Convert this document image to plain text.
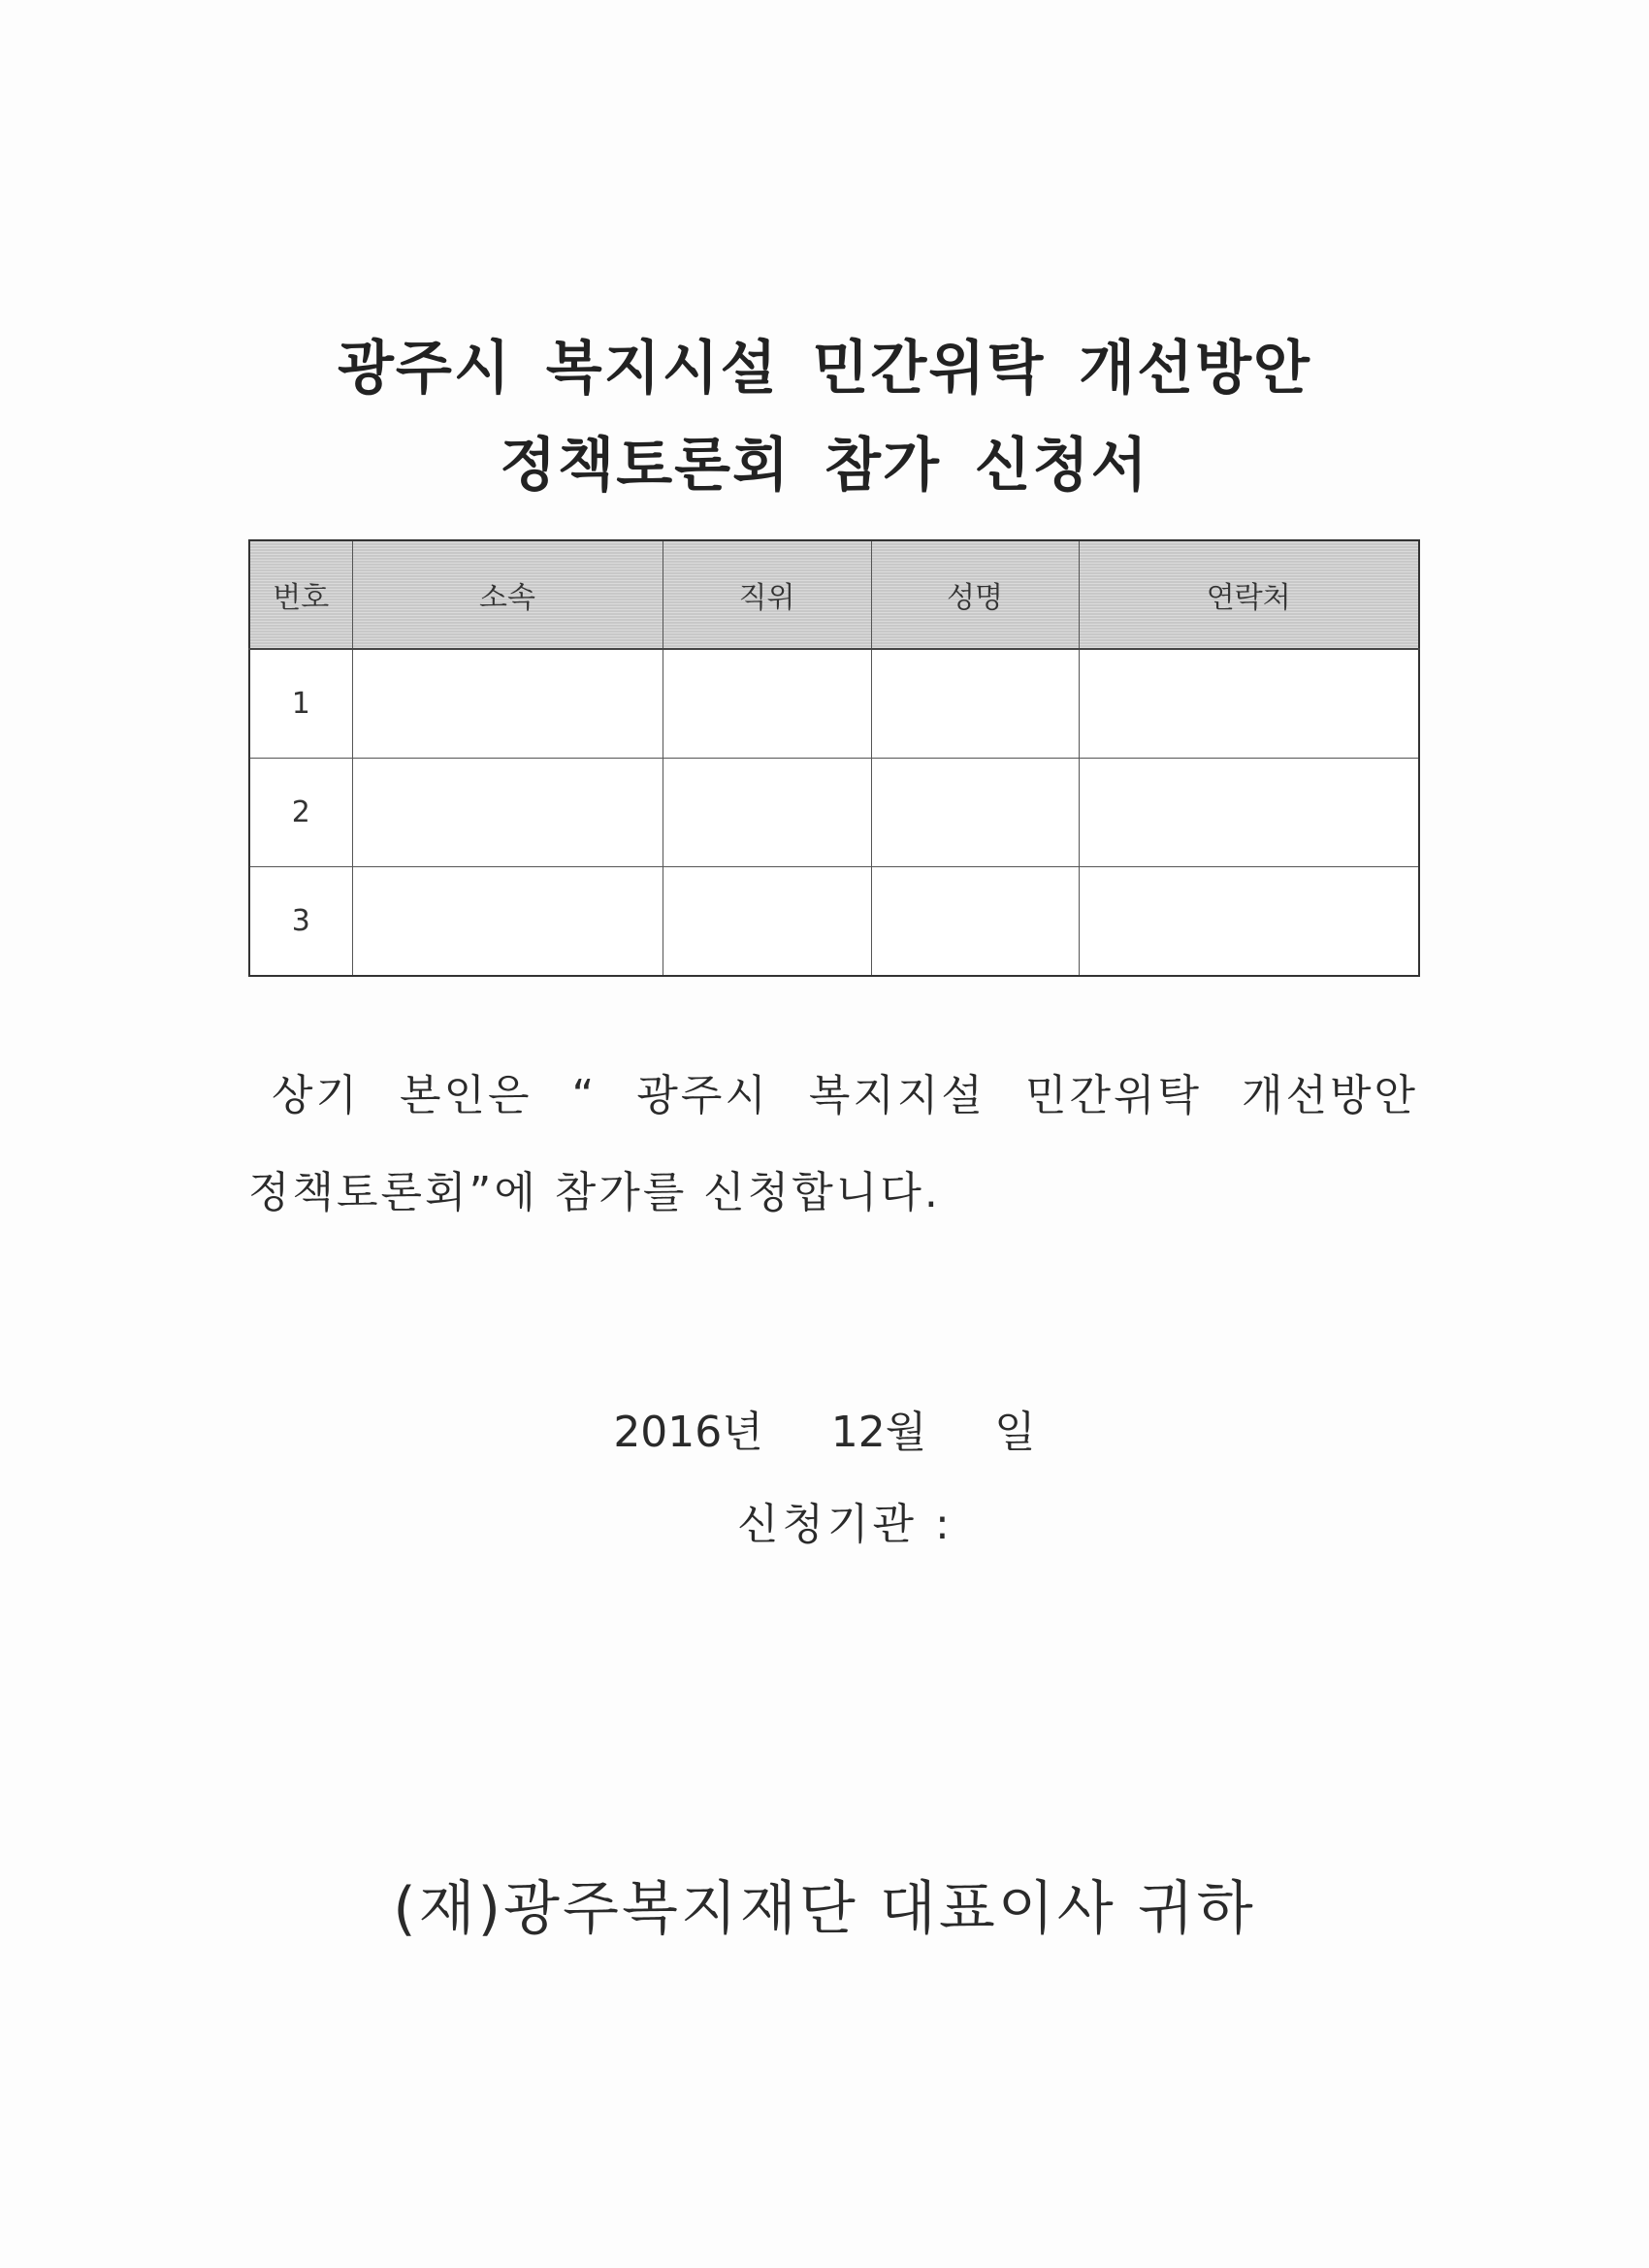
광주시 복지시설 민간위탁 개선방안
정책토론회 참가 신청서
번호	소속	직위	성명	연락처
1				
2				
3				
상기 본인은 “ 광주시 복지지설 민간위탁 개선방안
정책토론회”에 참가를 신청합니다.
2016년 12월 일
신청기관 :
(재)광주복지재단 대표이사 귀하
